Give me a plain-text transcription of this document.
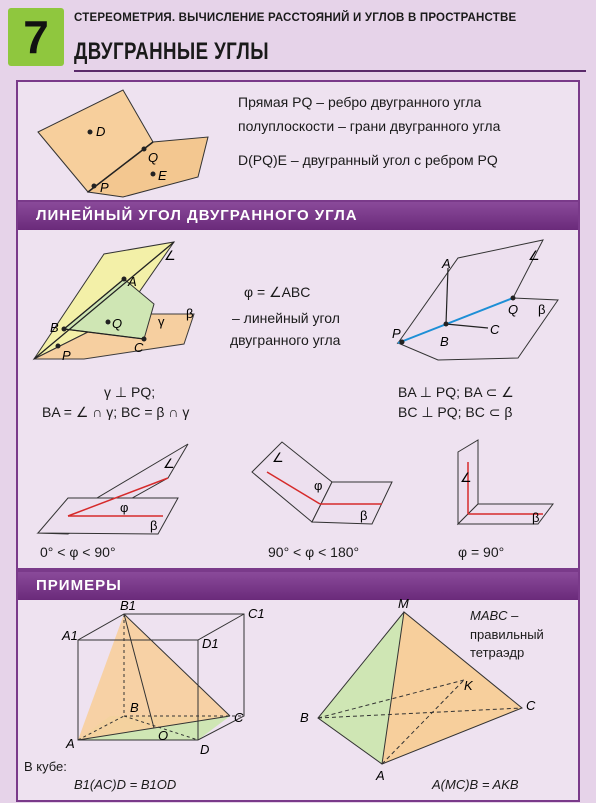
7 СТЕРЕОМЕТРИЯ. ВЫЧИСЛЕНИЕ РАССТОЯНИЙ И УГЛОВ В ПРОСТРАНСТВЕ
ДВУГРАННЫЕ УГЛЫ
D
Q
E
P
Прямая PQ – ребро двугранного угла
полуплоскости – грани двугранного угла
D(PQ)E – двугранный угол с ребром PQ
ЛИНЕЙНЫЙ УГОЛ ДВУГРАННОГО УГЛА
A
B
C
P
Q
∠
β
γ
φ = ∠ABC
– линейный угол
двугранного угла
A
B
C
P
Q
∠
β
γ ⊥ PQ;
BA = ∠ ∩ γ; BC = β ∩ γ
BA ⊥ PQ; BA ⊂ ∠
BC ⊥ PQ; BC ⊂ β
∠
φ
β
∠
φ
β
∠
β
0° < φ < 90°	90° < φ < 180°	φ = 90°
ПРИМЕРЫ
B1
A1
C1
D1
B
C
A	D
O
В кубе:
B1(AC)D = B1OD
M
B
C
A
K
MABC –
правильный
тетраэдр
A(MC)B = AKB
